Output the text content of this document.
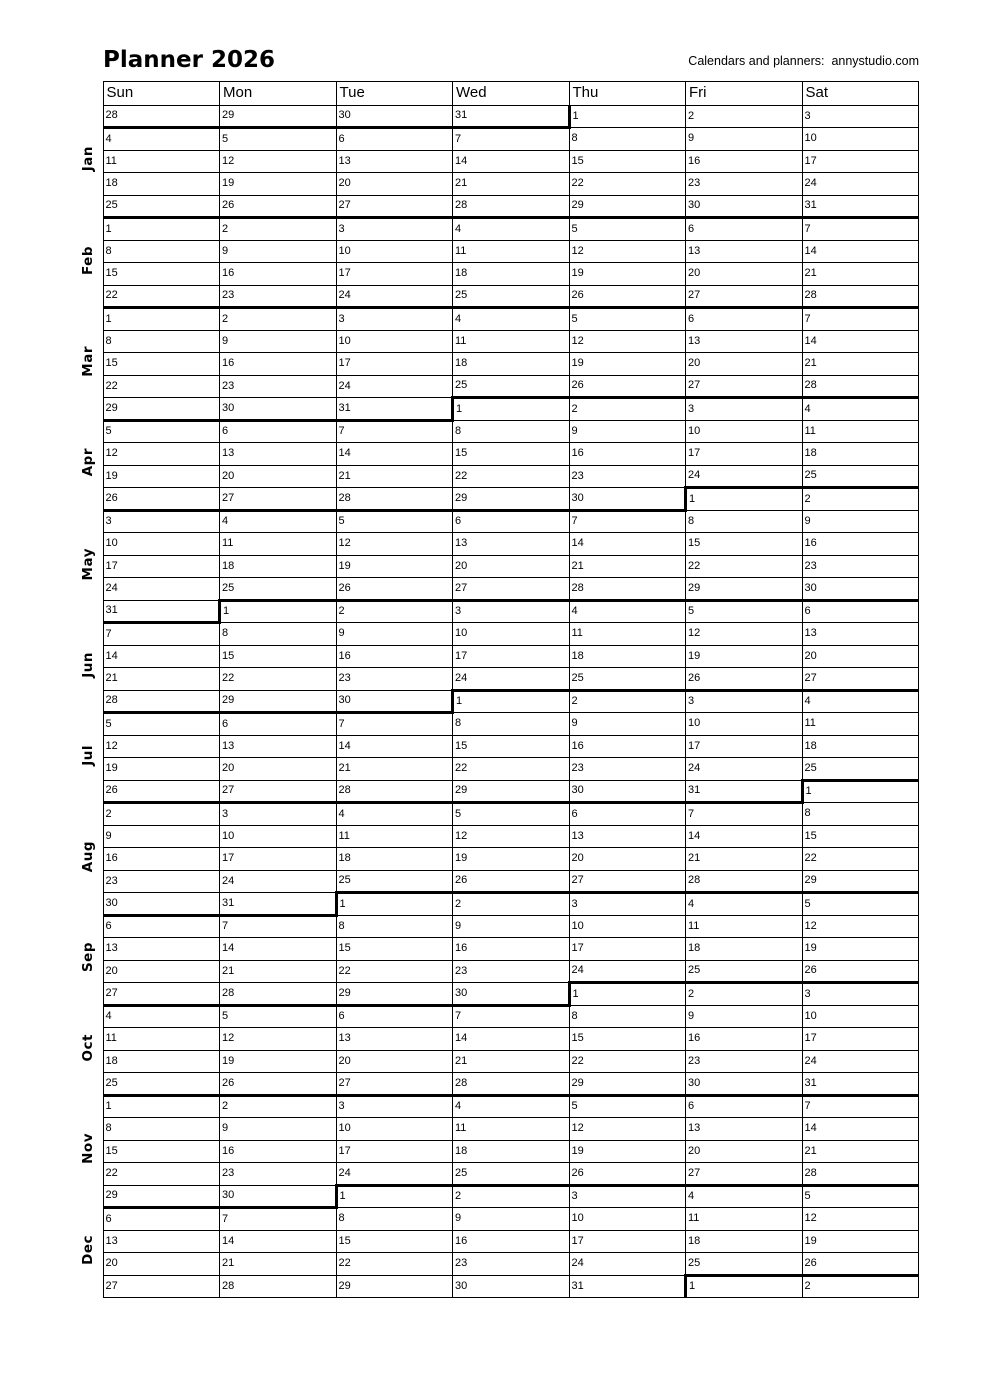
Planner 2026	Calendars and planners:  annystudio.com
	Sun	Mon	Tue	Wed	Thu	Fri	Sat
Jan	28	29	30	31	1	2	3
	4	5	6	7	8	9	10
	11	12	13	14	15	16	17
	18	19	20	21	22	23	24
	25	26	27	28	29	30	31
Feb	1	2	3	4	5	6	7
	8	9	10	11	12	13	14
	15	16	17	18	19	20	21
	22	23	24	25	26	27	28
Mar	1	2	3	4	5	6	7
	8	9	10	11	12	13	14
	15	16	17	18	19	20	21
	22	23	24	25	26	27	28
	29	30	31	1	2	3	4
Apr	5	6	7	8	9	10	11
	12	13	14	15	16	17	18
	19	20	21	22	23	24	25
	26	27	28	29	30	1	2
May	3	4	5	6	7	8	9
	10	11	12	13	14	15	16
	17	18	19	20	21	22	23
	24	25	26	27	28	29	30
	31	1	2	3	4	5	6
Jun	7	8	9	10	11	12	13
	14	15	16	17	18	19	20
	21	22	23	24	25	26	27
	28	29	30	1	2	3	4
Jul	5	6	7	8	9	10	11
	12	13	14	15	16	17	18
	19	20	21	22	23	24	25
	26	27	28	29	30	31	1
Aug	2	3	4	5	6	7	8
	9	10	11	12	13	14	15
	16	17	18	19	20	21	22
	23	24	25	26	27	28	29
	30	31	1	2	3	4	5
Sep	6	7	8	9	10	11	12
	13	14	15	16	17	18	19
	20	21	22	23	24	25	26
	27	28	29	30	1	2	3
Oct	4	5	6	7	8	9	10
	11	12	13	14	15	16	17
	18	19	20	21	22	23	24
	25	26	27	28	29	30	31
Nov	1	2	3	4	5	6	7
	8	9	10	11	12	13	14
	15	16	17	18	19	20	21
	22	23	24	25	26	27	28
	29	30	1	2	3	4	5
Dec	6	7	8	9	10	11	12
	13	14	15	16	17	18	19
	20	21	22	23	24	25	26
	27	28	29	30	31	1	2
